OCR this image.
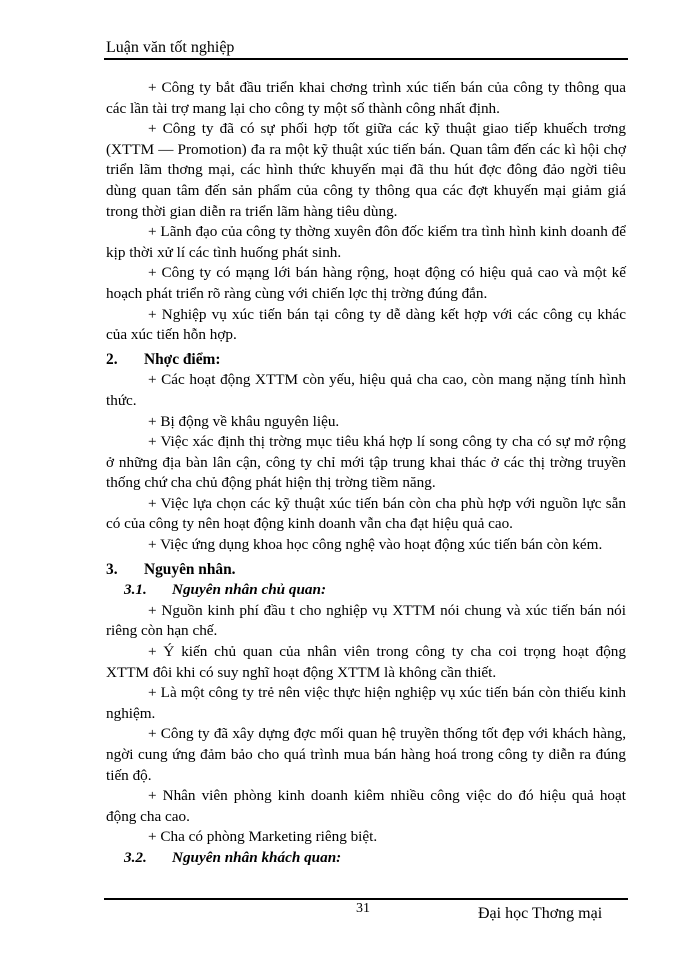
Luận văn tốt nghiệp

+ Công ty bắt đầu triển khai chơng trình xúc tiến bán của công ty thông qua các lần tài trợ mang lại cho công ty một số thành công nhất định.

+ Công ty đã có sự phối hợp tốt giữa các kỹ thuật giao tiếp khuếch trơng (XTTM — Promotion) đa ra một kỹ thuật xúc tiến bán. Quan tâm đến các kì hội chợ triển lãm thơng mại, các hình thức khuyến mại đã thu hút đợc đông đảo ngời tiêu dùng quan tâm đến sản phẩm của công ty thông qua các đợt khuyến mại giảm giá trong thời gian diễn ra triển lãm hàng tiêu dùng.

+ Lãnh đạo của công ty thờng xuyên đôn đốc kiểm tra tình hình kinh doanh để kịp thời xử lí các tình huống phát sinh.

+ Công ty có mạng lới bán hàng rộng, hoạt động có hiệu quả cao và một kế hoạch phát triển rõ ràng cùng với chiến lợc thị trờng đúng đắn.

+ Nghiệp vụ xúc tiến bán tại công ty dễ dàng kết hợp với các công cụ khác của xúc tiến hỗn hợp.

2. Nhợc điểm:

+ Các hoạt động XTTM còn yếu, hiệu quả cha cao, còn mang nặng tính hình thức.

+ Bị động về khâu nguyên liệu.

+ Việc xác định thị trờng mục tiêu khá hợp lí song công ty cha có sự mở rộng ở những địa bàn lân cận, công ty chỉ mới tập trung khai thác ở các thị trờng truyền thống chứ cha chủ động phát hiện thị trờng tiềm năng.

+ Việc lựa chọn các kỹ thuật xúc tiến bán còn cha phù hợp với nguồn lực sẵn có của công ty nên hoạt động kinh doanh vẫn cha đạt hiệu quả cao.

+ Việc ứng dụng khoa học công nghệ vào hoạt động xúc tiến bán còn kém.

3. Nguyên nhân.
3.1. Nguyên nhân chủ quan:

+ Nguồn kinh phí đầu t cho nghiệp vụ XTTM nói chung và xúc tiến bán nói riêng còn hạn chế.

+ Ý kiến chủ quan của nhân viên trong công ty cha coi trọng hoạt động XTTM đôi khi có suy nghĩ hoạt động XTTM là không cần thiết.

+ Là một công ty trẻ nên việc thực hiện nghiệp vụ xúc tiến bán còn thiếu kinh nghiệm.

+ Công ty đã xây dựng đợc mối quan hệ truyền thống tốt đẹp với khách hàng, ngời cung ứng đảm bảo cho quá trình mua bán hàng hoá trong công ty diễn ra đúng tiến độ.

+ Nhân viên phòng kinh doanh kiêm nhiều công việc do đó hiệu quả hoạt động cha cao.

+ Cha có phòng Marketing riêng biệt.

3.2. Nguyên nhân khách quan:
31	Đại học Thơng mại
